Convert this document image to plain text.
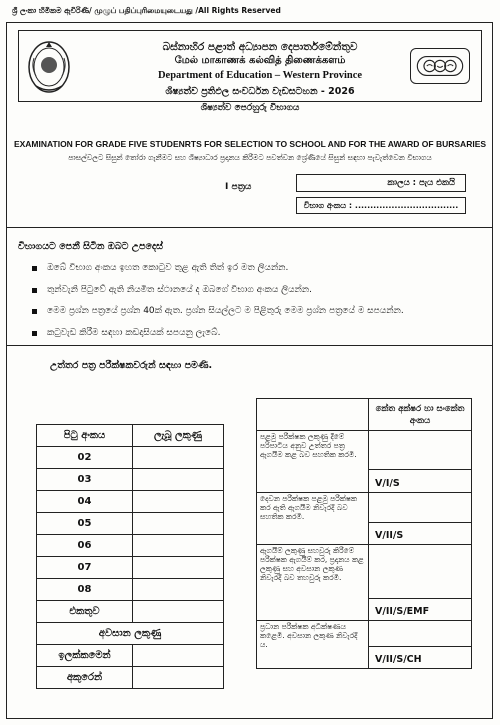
ශ්‍රී ලංකා හිමිකම ඇවිරිණි/ முழுப் பதிப்புரிமையுடையது /All Rights Reserved
බස්නාහිර පළාත් අධ්‍යාපන දෙපාර්තමේන්තුව
மேல் மாகாணக் கல்வித் திணைக்களம்
Department of Education – Western Province
ශිෂ්‍යත්ව ප්‍රතිඵල සංවර්ධන වැඩසටහන - 2026
ශිෂ්‍යත්ව පෙරහුරු විභාගය
EXAMINATION FOR GRADE FIVE STUDENRTS FOR SELECTION TO SCHOOL AND FOR THE AWARD OF BURSARIES
පාසල්වලට සිසුන් තෝරා ගැනීමට සහ ශිෂ්‍යාධාර ප්‍රදානය කිරීමට පවත්වන ශ්‍රේණියේ සිසුන් සඳහා පැවැත්වෙන විභාගය
I පත්‍රය	කාලය : පැය එකයි
විභාග අංකය : ..................................
විභාගයට පෙනී සිටින ඔබට උපදෙස්
ඔබේ විභාග අංකය ඉහත කොටුව තුළ ඇති තිත් ඉර මත ලියන්න.
තුන්වැනි පිටුවේ ඇති නියමිත ස්ථානයේ ද ඔබගේ විභාග අංකය ලියන්න.
මෙම ප්‍රශ්න පත්‍රයේ ප්‍රශ්න 40ක් ඇත. ප්‍රශ්න සියල්ලට ම පිළිතුරු මෙම ප්‍රශ්න පත්‍රයේ ම සපයන්න.
කටුවැඩ කිරීම සඳහා කඩදාසියක් සපයනු ලැබේ.
උත්තර පත්‍ර පරීක්ෂකවරුන් සඳහා පමණි.
පිටු අංකය	ලැබූ ලකුණු
02	
03	
04	
05	
06	
07	
08	
එකතුව	
අවසාන ලකුණු	
ඉලක්කමෙන්	
අකුරෙන්	
	කේත අක්ෂර හා සංකේත අංකය
පළමු පරීක්ෂක ලකුණු දීමේ පරිපාටිය අනුව උත්තර පත්‍ර ඇගයීම කළ බව සහතික කරමි.	
	V/I/S
දෙවන පරීක්ෂක පළමු පරීක්ෂක කර ඇති ඇගයීම නිවැරදි බව සහතික කරමි.	
	V/II/S
ඇගයීම් ලකුණු සහවුරු කිරීමේ පරීක්ෂක ඇගයීම් කර, ප්‍රදානය කළ ලකුණු සහ අවසාන ලකුණ නිවැරදි බව තහවුරු කරමි.	
	V/II/S/EMF
ප්‍රධාන පරීක්ෂක අධීක්ෂණය කළෙමි. අවසාන ලකුණ නිවැරදි ය.	
	V/II/S/CH
